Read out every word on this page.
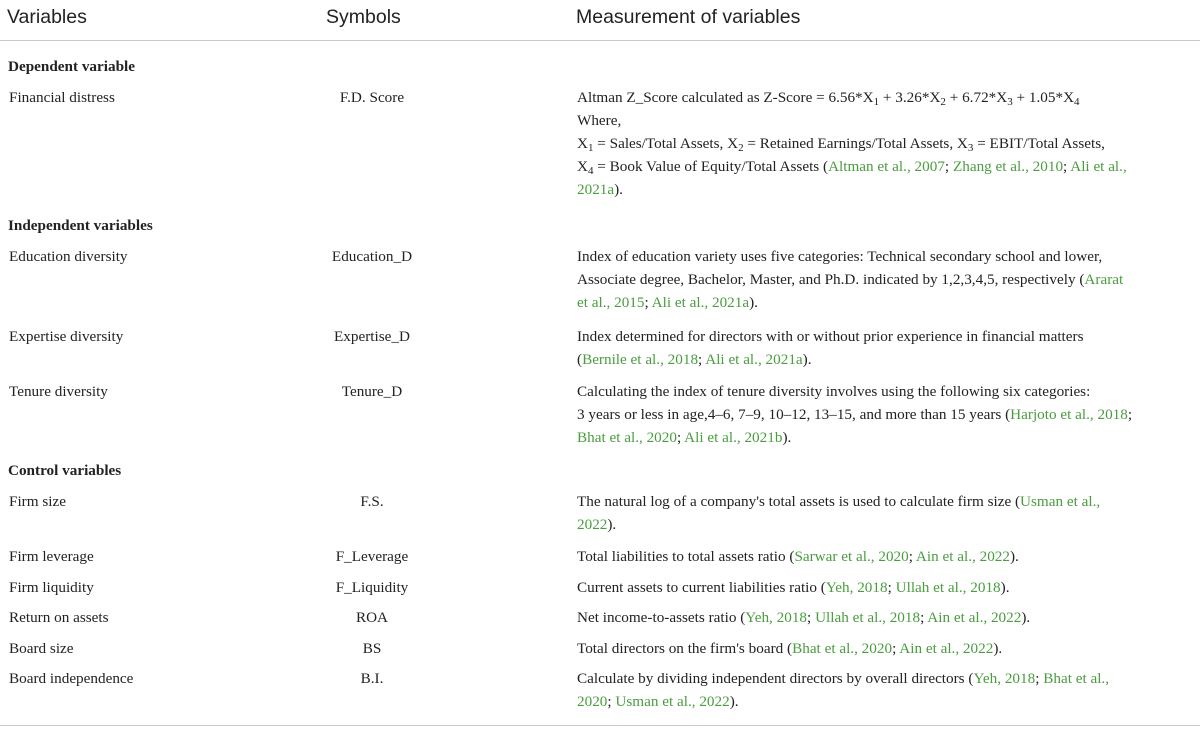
Variables	Symbols	Measurement of variables
Dependent variable
Financial distress	F.D. Score	Altman Z_Score calculated as Z-Score = $6.56*X_1 + 3.26*X_2 + 6.72*X_3 + 1.05*X_4$
Where,
$X_1$ = Sales/Total Assets, $X_2$ = Retained Earnings/Total Assets, $X_3$ = EBIT/Total Assets,
$X_4$ = Book Value of Equity/Total Assets (Altman et al., 2007; Zhang et al., 2010; Ali et al.,
2021a).
Independent variables
Education diversity	Education_D	Index of education variety uses five categories: Technical secondary school and lower,
Associate degree, Bachelor, Master, and Ph.D. indicated by 1,2,3,4,5, respectively (Ararat
et al., 2015; Ali et al., 2021a).
Expertise diversity	Expertise_D	Index determined for directors with or without prior experience in financial matters
(Bernile et al., 2018; Ali et al., 2021a).
Tenure diversity	Tenure_D	Calculating the index of tenure diversity involves using the following six categories:
3 years or less in age,4–6, 7–9, 10–12, 13–15, and more than 15 years (Harjoto et al., 2018;
Bhat et al., 2020; Ali et al., 2021b).
Control variables
Firm size	F.S.	The natural log of a company's total assets is used to calculate firm size (Usman et al.,
2022).
Firm leverage	F_Leverage	Total liabilities to total assets ratio (Sarwar et al., 2020; Ain et al., 2022).
Firm liquidity	F_Liquidity	Current assets to current liabilities ratio (Yeh, 2018; Ullah et al., 2018).
Return on assets	ROA	Net income-to-assets ratio (Yeh, 2018; Ullah et al., 2018; Ain et al., 2022).
Board size	BS	Total directors on the firm's board (Bhat et al., 2020; Ain et al., 2022).
Board independence	B.I.	Calculate by dividing independent directors by overall directors (Yeh, 2018; Bhat et al.,
2020; Usman et al., 2022).
